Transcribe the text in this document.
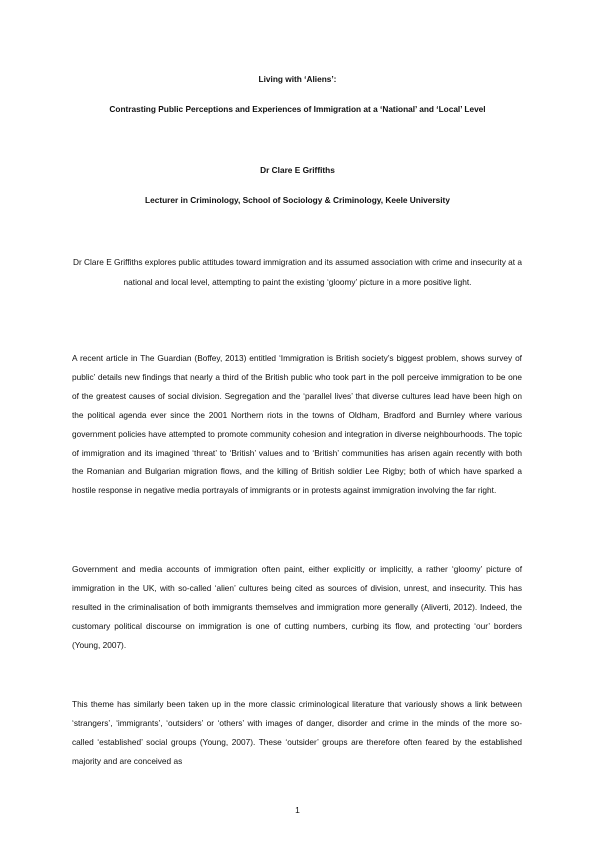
Living with ‘Aliens’:
Contrasting Public Perceptions and Experiences of Immigration at a ‘National’ and ‘Local’ Level
Dr Clare E Griffiths
Lecturer in Criminology, School of Sociology & Criminology, Keele University
Dr Clare E Griffiths explores public attitudes toward immigration and its assumed association with crime and insecurity at a national and local level, attempting to paint the existing ‘gloomy’ picture in a more positive light.
A recent article in The Guardian (Boffey, 2013) entitled ‘Immigration is British society’s biggest problem, shows survey of public’ details new findings that nearly a third of the British public who took part in the poll perceive immigration to be one of the greatest causes of social division. Segregation and the ‘parallel lives’ that diverse cultures lead have been high on the political agenda ever since the 2001 Northern riots in the towns of Oldham, Bradford and Burnley where various government policies have attempted to promote community cohesion and integration in diverse neighbourhoods. The topic of immigration and its imagined ‘threat’ to ‘British’ values and to ‘British’ communities has arisen again recently with both the Romanian and Bulgarian migration flows, and the killing of British soldier Lee Rigby; both of which have sparked a hostile response in negative media portrayals of immigrants or in protests against immigration involving the far right.
Government and media accounts of immigration often paint, either explicitly or implicitly, a rather ‘gloomy’ picture of immigration in the UK, with so-called ‘alien’ cultures being cited as sources of division, unrest, and insecurity. This has resulted in the criminalisation of both immigrants themselves and immigration more generally (Aliverti, 2012). Indeed, the customary political discourse on immigration is one of cutting numbers, curbing its flow, and protecting ‘our’ borders (Young, 2007).
This theme has similarly been taken up in the more classic criminological literature that variously shows a link between ‘strangers’, ‘immigrants’, ‘outsiders’ or ‘others’ with images of danger, disorder and crime in the minds of the more so-called ‘established’ social groups (Young, 2007). These ‘outsider’ groups are therefore often feared by the established majority and are conceived as
1
